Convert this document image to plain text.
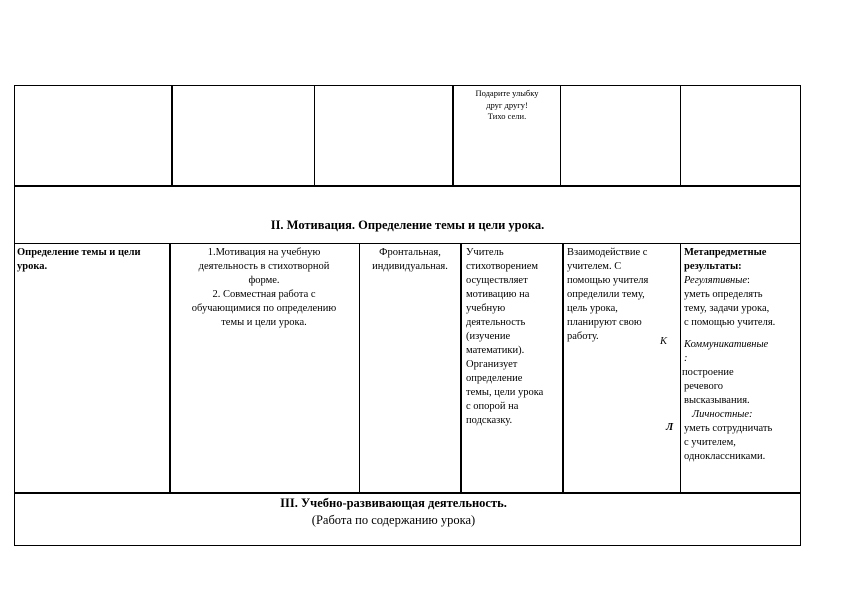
Подарите улыбку
друг другу!
Тихо сели.
II. Мотивация. Определение темы и цели урока.
Определение темы и цели
урока.
1.Мотивация на учебную
деятельность в стихотворной
форме.
2. Совместная работа с
обучающимися по определению
темы и цели урока.
Фронтальная,
индивидуальная.
Учитель
стихотворением
осуществляет
мотивацию на
учебную
деятельность
(изучение
математики).
Организует
определение
темы, цели урока
с опорой на
подсказку.
Взаимодействие с
учителем. С
помощью учителя
определили тему,
цель урока,
планируют свою
работу.	К
Л
Метапредметные
результаты:
Регулятивные:
уметь определять
тему, задачи урока,
с помощью учителя.
Коммуникативные
:
построение
речевого
высказывания.
Личностные:
уметь сотрудничать
с учителем,
одноклассниками.
III. Учебно-развивающая деятельность.
(Работа по содержанию урока)
